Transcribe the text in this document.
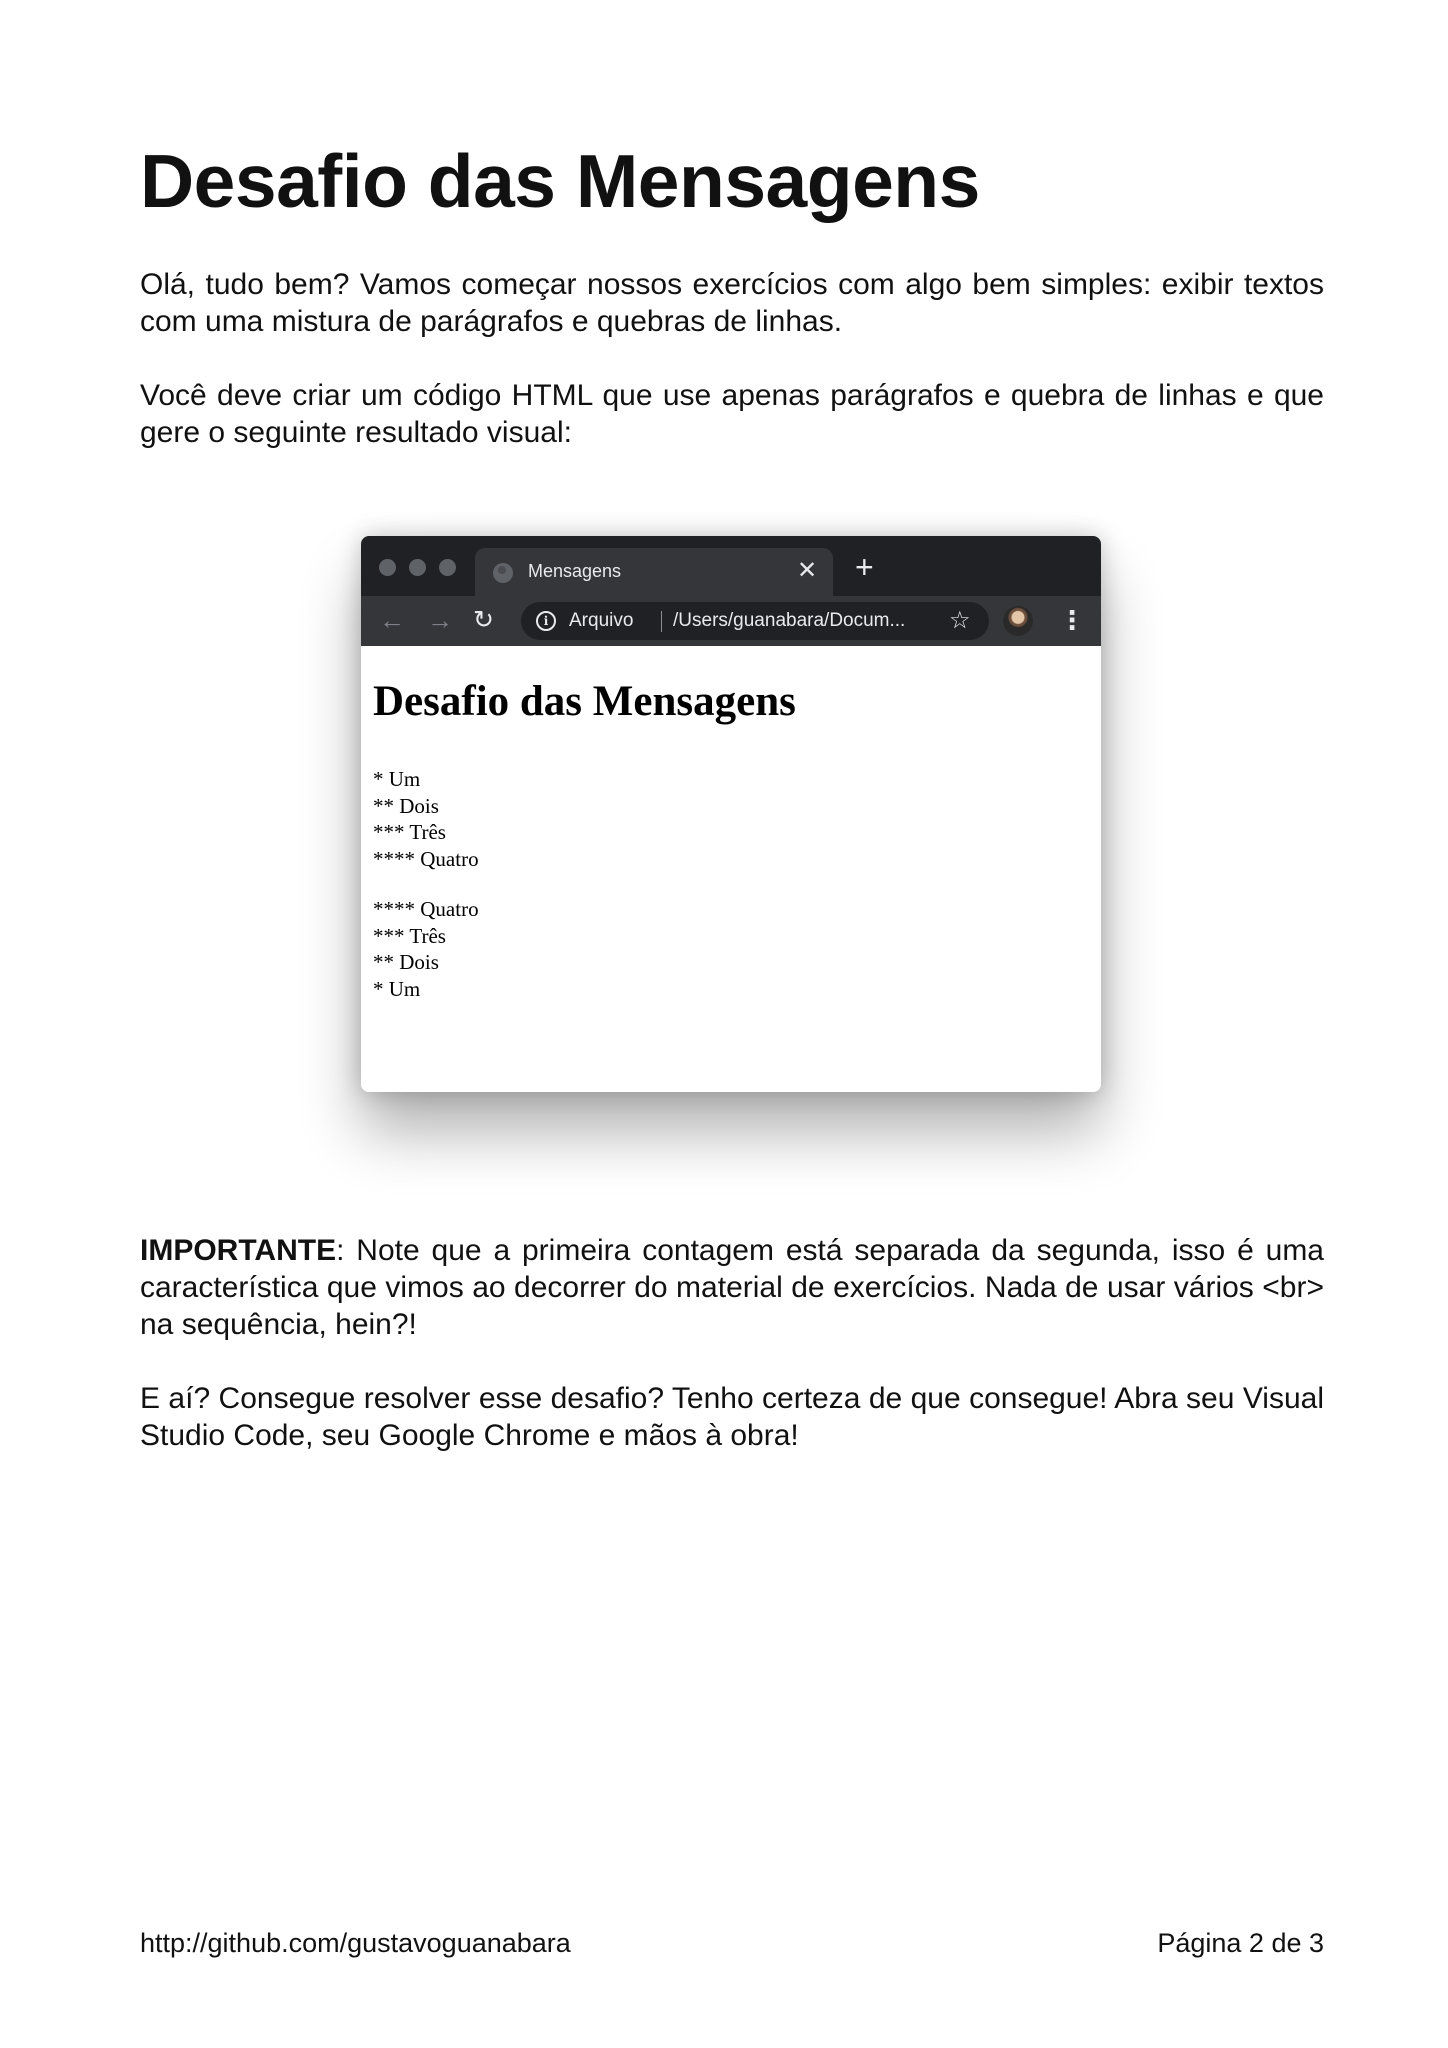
Desafio das Mensagens

Olá, tudo bem? Vamos começar nossos exercícios com algo bem simples: exibir textos com uma mistura de parágrafos e quebras de linhas.

Você deve criar um código HTML que use apenas parágrafos e quebra de linhas e que gere o seguinte resultado visual:

Mensagens	✕ +
← → ↻	i	Arquivo /Users/guanabara/Docum... ☆	⋮
Desafio das Mensagens

* Um
** Dois
*** Três
**** Quatro

**** Quatro
*** Três
** Dois
* Um

IMPORTANTE: Note que a primeira contagem está separada da segunda, isso é uma característica que vimos ao decorrer do material de exercícios. Nada de usar vários <br> na sequência, hein?!

E aí? Consegue resolver esse desafio? Tenho certeza de que consegue! Abra seu Visual Studio Code, seu Google Chrome e mãos à obra!

http://github.com/gustavoguanabara	Página 2 de 3
